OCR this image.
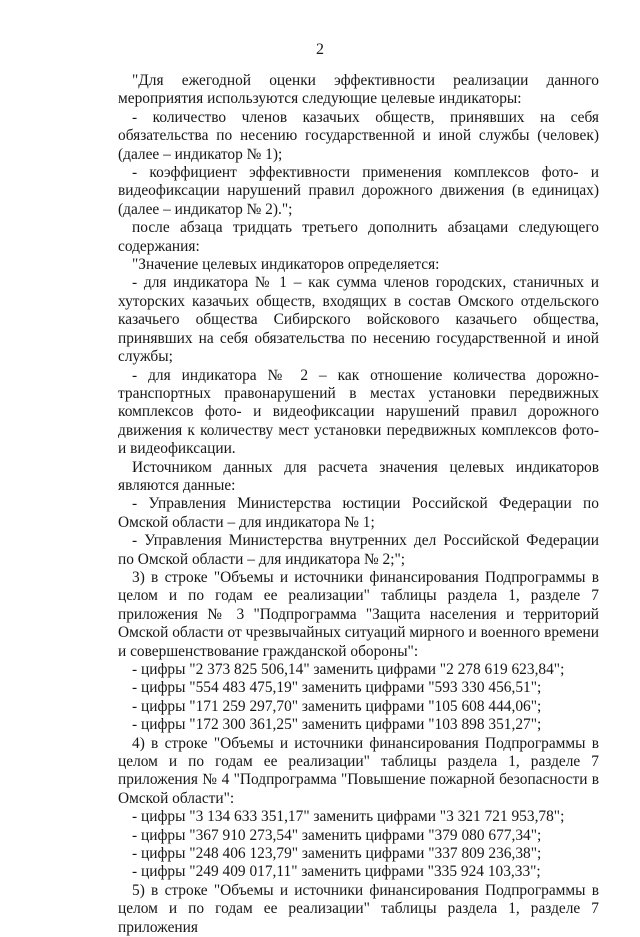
2

"Для ежегодной оценки эффективности реализации данного мероприятия используются следующие целевые индикаторы:

- количество членов казачьих обществ, принявших на себя обязательства по несению государственной и иной службы (человек) (далее – индикатор № 1);

- коэффициент эффективности применения комплексов фото- и видеофиксации нарушений правил дорожного движения (в единицах) (далее – индикатор № 2).";

после абзаца тридцать третьего дополнить абзацами следующего содержания:

"Значение целевых индикаторов определяется:

- для индикатора № 1 – как сумма членов городских, станичных и хуторских казачьих обществ, входящих в состав Омского отдельского казачьего общества Сибирского войскового казачьего общества, принявших на себя обязательства по несению государственной и иной службы;

- для индикатора № 2 – как отношение количества дорожно-транспортных правонарушений в местах установки передвижных комплексов фото- и видеофиксации нарушений правил дорожного движения к количеству мест установки передвижных комплексов фото- и видеофиксации.

Источником данных для расчета значения целевых индикаторов являются данные:

- Управления Министерства юстиции Российской Федерации по Омской области – для индикатора № 1;

- Управления Министерства внутренних дел Российской Федерации по Омской области – для индикатора № 2;";

3) в строке "Объемы и источники финансирования Подпрограммы в целом и по годам ее реализации" таблицы раздела 1, разделе 7 приложения № 3 "Подпрограмма "Защита населения и территорий Омской области от чрезвычайных ситуаций мирного и военного времени и совершенствование гражданской обороны":

- цифры "2 373 825 506,14" заменить цифрами "2 278 619 623,84";

- цифры "554 483 475,19" заменить цифрами "593 330 456,51";

- цифры "171 259 297,70" заменить цифрами "105 608 444,06";

- цифры "172 300 361,25" заменить цифрами "103 898 351,27";

4) в строке "Объемы и источники финансирования Подпрограммы в целом и по годам ее реализации" таблицы раздела 1, разделе 7 приложения № 4 "Подпрограмма "Повышение пожарной безопасности в Омской области":

- цифры "3 134 633 351,17" заменить цифрами "3 321 721 953,78";

- цифры "367 910 273,54" заменить цифрами "379 080 677,34";

- цифры "248 406 123,79" заменить цифрами "337 809 236,38";

- цифры "249 409 017,11" заменить цифрами "335 924 103,33";

5) в строке "Объемы и источники финансирования Подпрограммы в целом и по годам ее реализации" таблицы раздела 1, разделе 7 приложения
